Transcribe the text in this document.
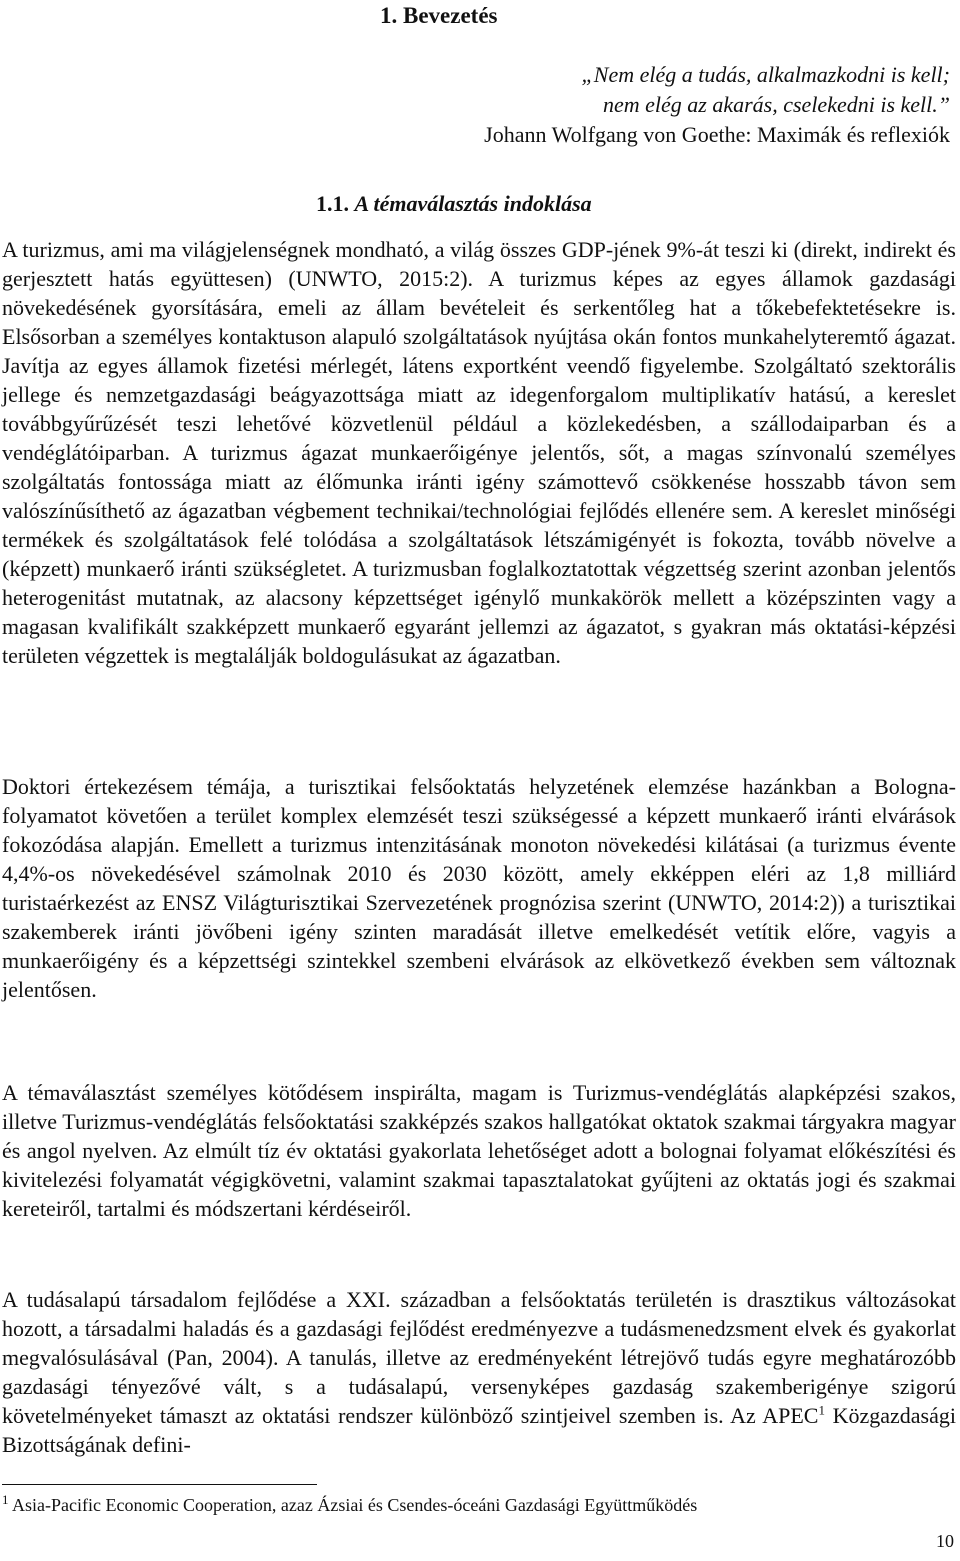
1. Bevezetés
„Nem elég a tudás, alkalmazkodni is kell;
nem elég az akarás, cselekedni is kell.”
Johann Wolfgang von Goethe: Maximák és reflexiók
1.1. A témaválasztás indoklása

A turizmus, ami ma világjelenségnek mondható, a világ összes GDP-jének 9%-át teszi ki (direkt, indirekt és gerjesztett hatás együttesen) (UNWTO, 2015:2). A turizmus képes az egyes államok gazdasági növekedésének gyorsítására, emeli az állam bevételeit és serkentőleg hat a tőkebefektetésekre is. Elsősorban a személyes kontaktuson alapuló szolgáltatások nyújtása okán fontos munkahelyteremtő ágazat. Javítja az egyes államok fizetési mérlegét, látens exportként veendő figyelembe. Szolgáltató szektorális jellege és nemzetgazdasági beágyazottsága miatt az idegenforgalom multiplikatív hatású, a kereslet továbbgyűrűzését teszi lehetővé közvetlenül például a közlekedésben, a szállodaiparban és a vendéglátóiparban. A turizmus ágazat munkaerőigénye jelentős, sőt, a magas színvonalú személyes szolgáltatás fontossága miatt az élőmunka iránti igény számottevő csökkenése hosszabb távon sem valószínűsíthető az ágazatban végbement technikai/technológiai fejlődés ellenére sem. A kereslet minőségi termékek és szolgáltatások felé tolódása a szolgáltatások létszámigényét is fokozta, tovább növelve a (képzett) munkaerő iránti szükségletet. A turizmusban foglalkoztatottak végzettség szerint azonban jelentős heterogenitást mutatnak, az alacsony képzettséget igénylő munkakörök mellett a középszinten vagy a magasan kvalifikált szakképzett munkaerő egyaránt jellemzi az ágazatot, s gyakran más oktatási-képzési területen végzettek is megtalálják boldogulásukat az ágazatban.

Doktori értekezésem témája, a turisztikai felsőoktatás helyzetének elemzése hazánkban a Bologna-folyamatot követően a terület komplex elemzését teszi szükségessé a képzett munkaerő iránti elvárások fokozódása alapján. Emellett a turizmus intenzitásának monoton növekedési kilátásai (a turizmus évente 4,4%-os növekedésével számolnak 2010 és 2030 között, amely ekképpen eléri az 1,8 milliárd turistaérkezést az ENSZ Világturisztikai Szervezetének prognózisa szerint (UNWTO, 2014:2)) a turisztikai szakemberek iránti jövőbeni igény szinten maradását illetve emelkedését vetítik előre, vagyis a munkaerőigény és a képzettségi szintekkel szembeni elvárások az elkövetkező években sem változnak jelentősen.

A témaválasztást személyes kötődésem inspirálta, magam is Turizmus-vendéglátás alapképzési szakos, illetve Turizmus-vendéglátás felsőoktatási szakképzés szakos hallgatókat oktatok szakmai tárgyakra magyar és angol nyelven. Az elmúlt tíz év oktatási gyakorlata lehetőséget adott a bolognai folyamat előkészítési és kivitelezési folyamatát végigkövetni, valamint szakmai tapasztalatokat gyűjteni az oktatás jogi és szakmai kereteiről, tartalmi és módszertani kérdéseiről.

A tudásalapú társadalom fejlődése a XXI. században a felsőoktatás területén is drasztikus változásokat hozott, a társadalmi haladás és a gazdasági fejlődést eredményezve a tudásmenedzsment elvek és gyakorlat megvalósulásával (Pan, 2004). A tanulás, illetve az eredményeként létrejövő tudás egyre meghatározóbb gazdasági tényezővé vált, s a tudásalapú, versenyképes gazdaság szakemberigénye szigorú követelményeket támaszt az oktatási rendszer különböző szintjeivel szemben is. Az APEC$^1$ Közgazdasági Bizottságának defini-

$^1$ Asia-Pacific Economic Cooperation, azaz Ázsiai és Csendes-óceáni Gazdasági Együttműködés

10
